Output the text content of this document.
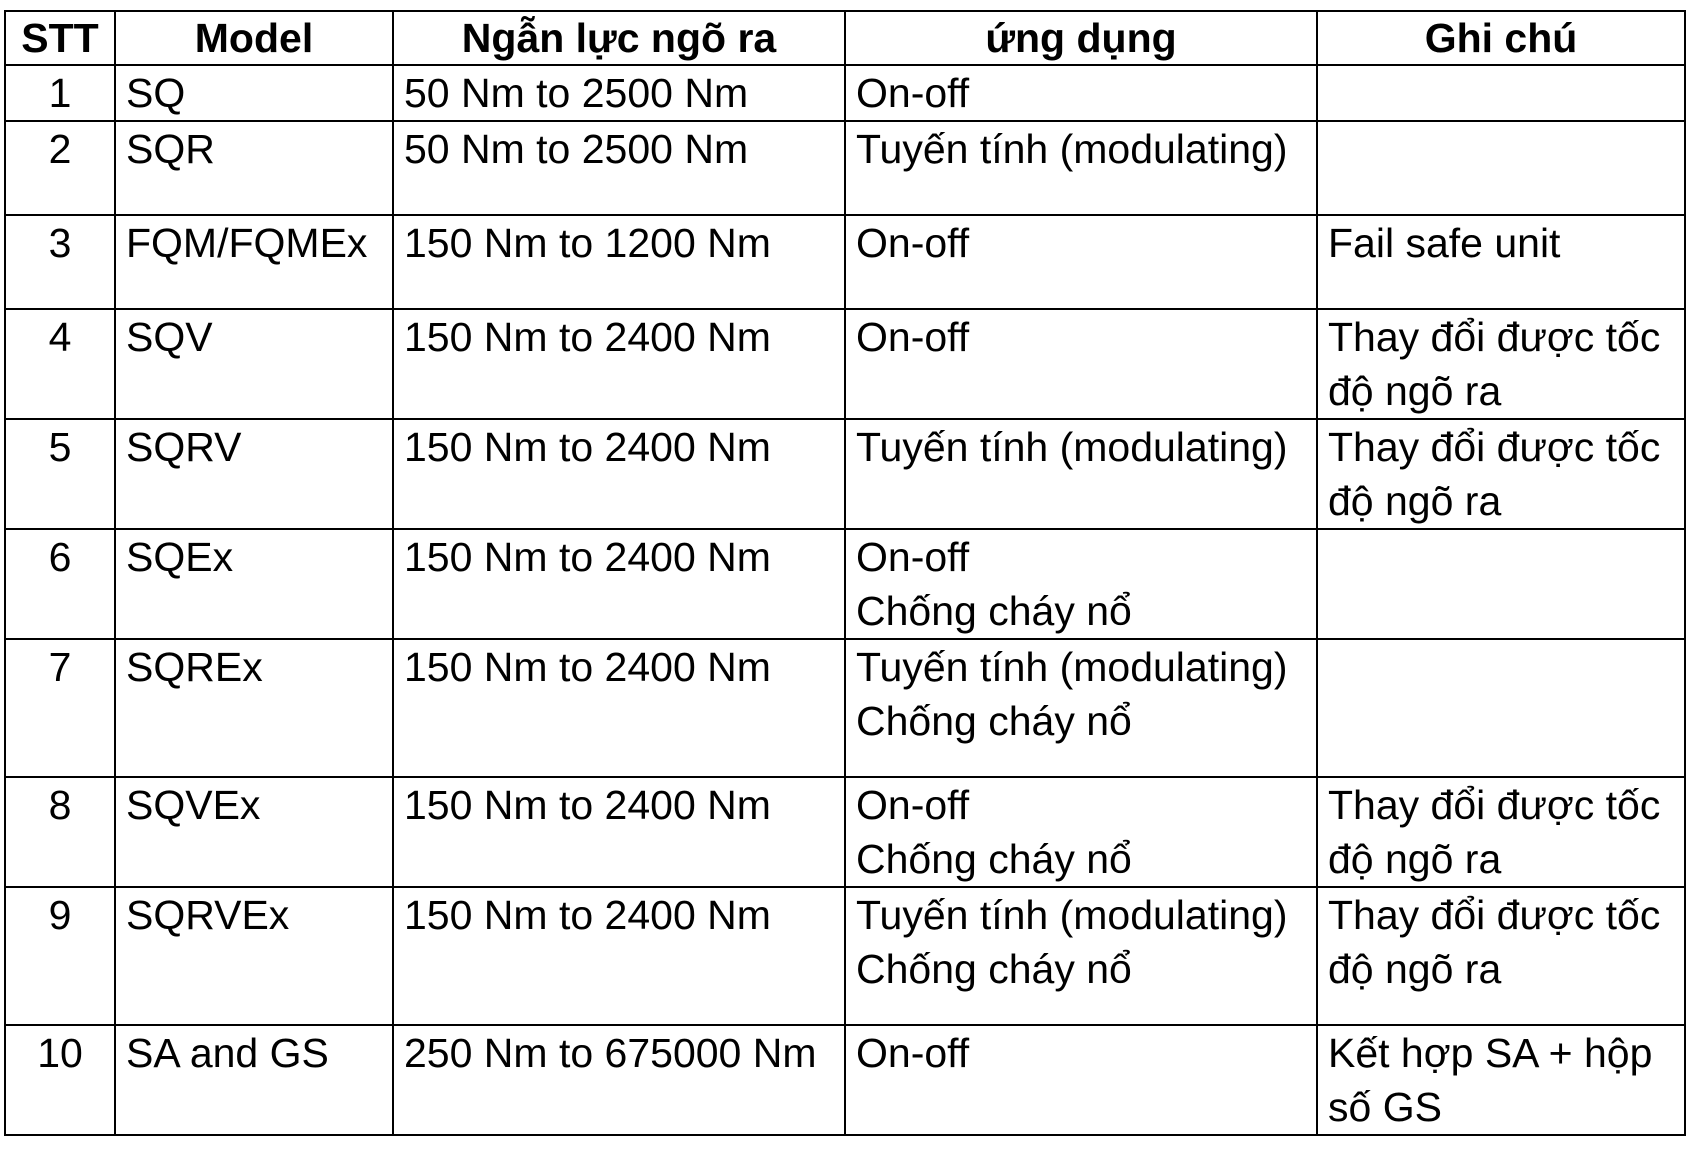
STT	Model	Ngẫn lực ngõ ra	ứng dụng	Ghi chú
1	SQ	50 Nm to 2500 Nm	On-off	

2	SQR	50 Nm to 2500 Nm	Tuyến tính (modulating)	

3	FQM/FQMEx	150 Nm to 1200 Nm	On-off	Fail safe unit

4	SQV	150 Nm to 2400 Nm	On-off	Thay đổi được tốc
độ ngõ ra

5	SQRV	150 Nm to 2400 Nm	Tuyến tính (modulating)	Thay đổi được tốc
độ ngõ ra

6	SQEx	150 Nm to 2400 Nm	On-off
Chống cháy nổ	

7	SQREx	150 Nm to 2400 Nm	Tuyến tính (modulating)
Chống cháy nổ	

8	SQVEx	150 Nm to 2400 Nm	On-off
Chống cháy nổ	Thay đổi được tốc
độ ngõ ra

9	SQRVEx	150 Nm to 2400 Nm	Tuyến tính (modulating)
Chống cháy nổ	Thay đổi được tốc
độ ngõ ra

10	SA and GS	250 Nm to 675000 Nm	On-off	Kết hợp SA + hộp
số GS
